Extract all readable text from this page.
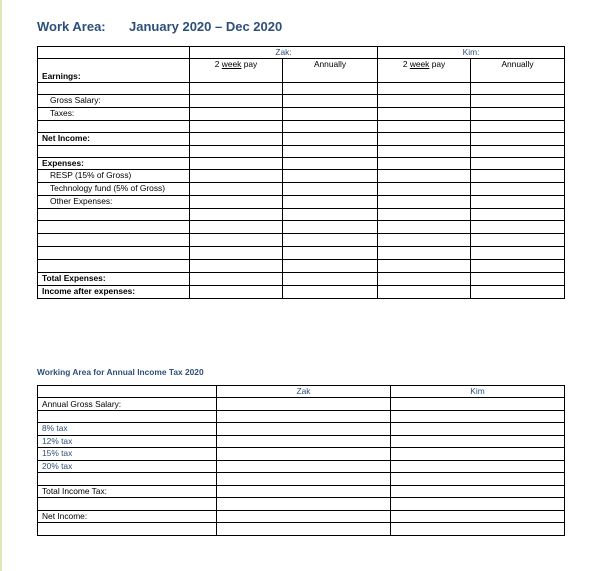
Work Area: January 2020 – Dec 2020
	Zak:		Kim:	
Earnings:	2 week pay	Annually	2 week pay	Annually

Gross Salary:				
Taxes:				

Net Income:				

Expenses:				
RESP (15% of Gross)				
Technology fund (5% of Gross)				
Other Expenses:				

Total Expenses:				
Income after expenses:				
Working Area for Annual Income Tax 2020
	Zak	Kim
Annual Gross Salary:		

8% tax		
12% tax		
15% tax		
20% tax		

Total Income Tax:		

Net Income:		
